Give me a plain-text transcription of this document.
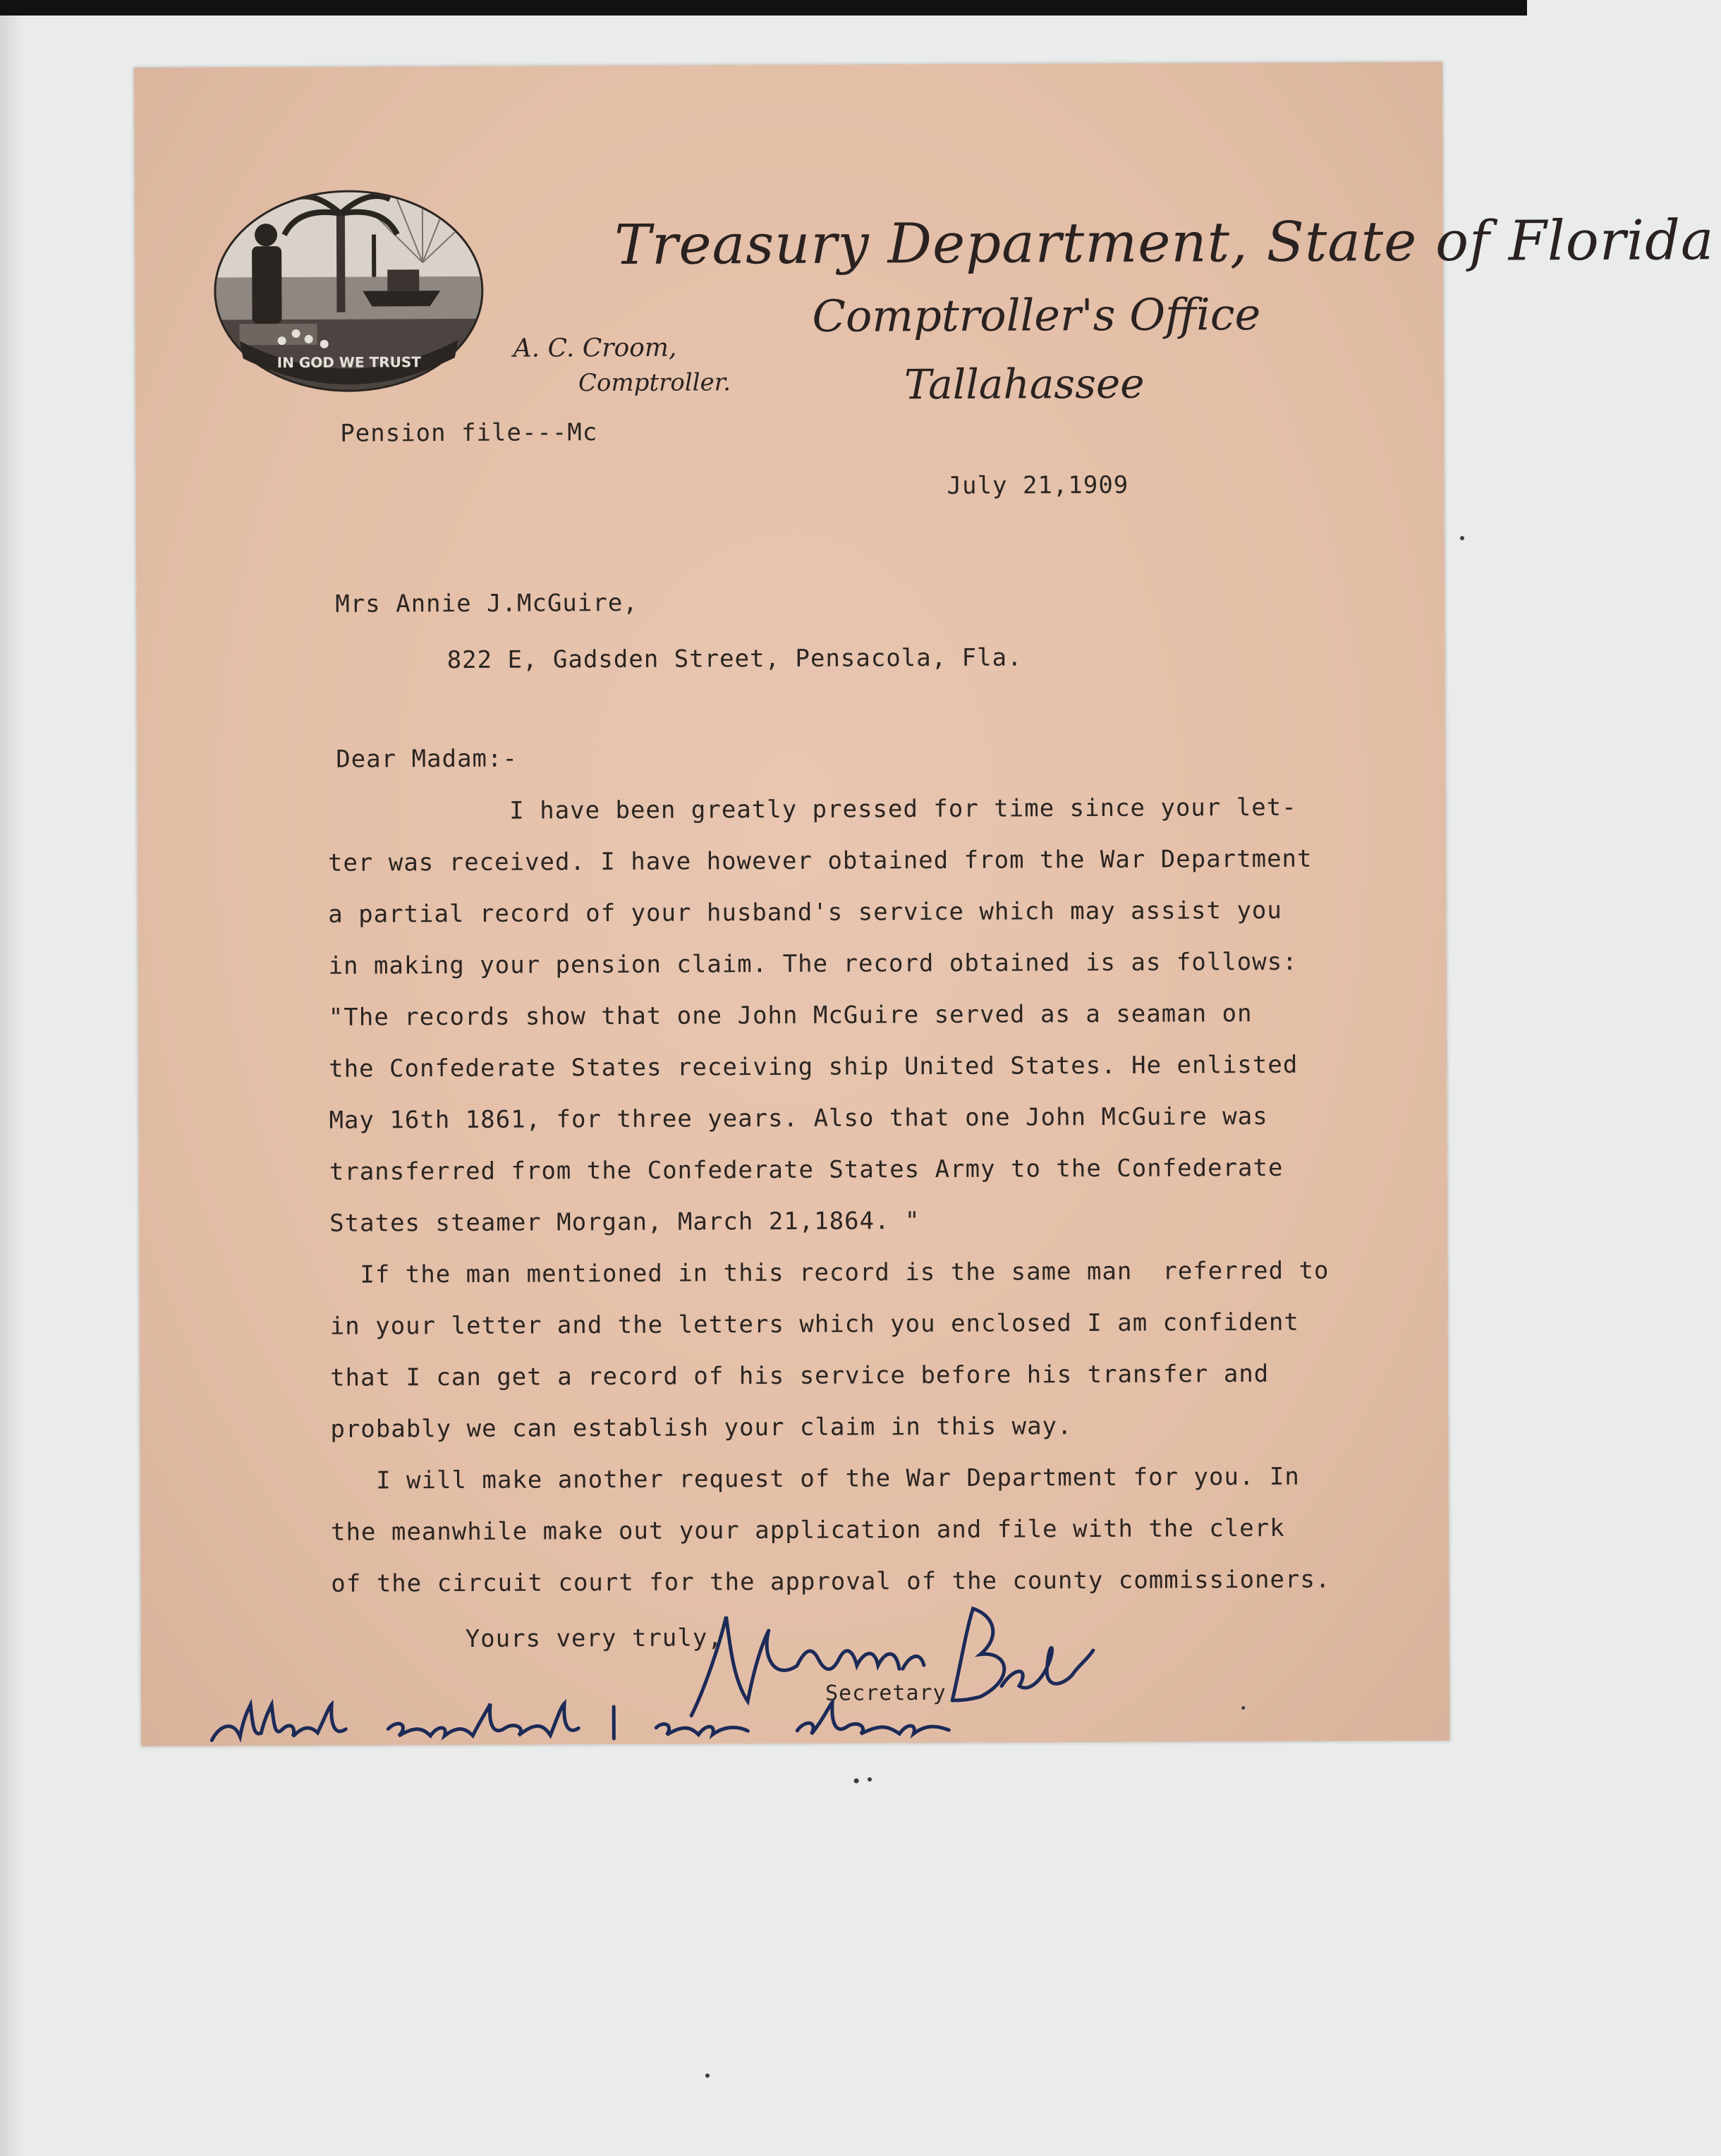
IN GOD WE TRUST
Treasury Department, State of Florida
Comptroller's Office
Tallahassee
A. C. Croom,
Comptroller.
Pension file---Mc
July 21,1909
Mrs Annie J.McGuire,
822 E, Gadsden Street, Pensacola, Fla.
Dear Madam:-
I have been greatly pressed for time since your let-
ter was received. I have however obtained from the War Department
a partial record of your husband's service which may assist you
in making your pension claim. The record obtained is as follows:
"The records show that one John McGuire served as a seaman on
the Confederate States receiving ship United States. He enlisted
May 16th 1861, for three years. Also that one John McGuire was
transferred from the Confederate States Army to the Confederate
States steamer Morgan, March 21,1864. "
If the man mentioned in this record is the same man  referred to
in your letter and the letters which you enclosed I am confident
that I can get a record of his service before his transfer and
probably we can establish your claim in this way.
I will make another request of the War Department for you. In
the meanwhile make out your application and file with the clerk
of the circuit court for the approval of the county commissioners.
Yours very truly,
Secretary
